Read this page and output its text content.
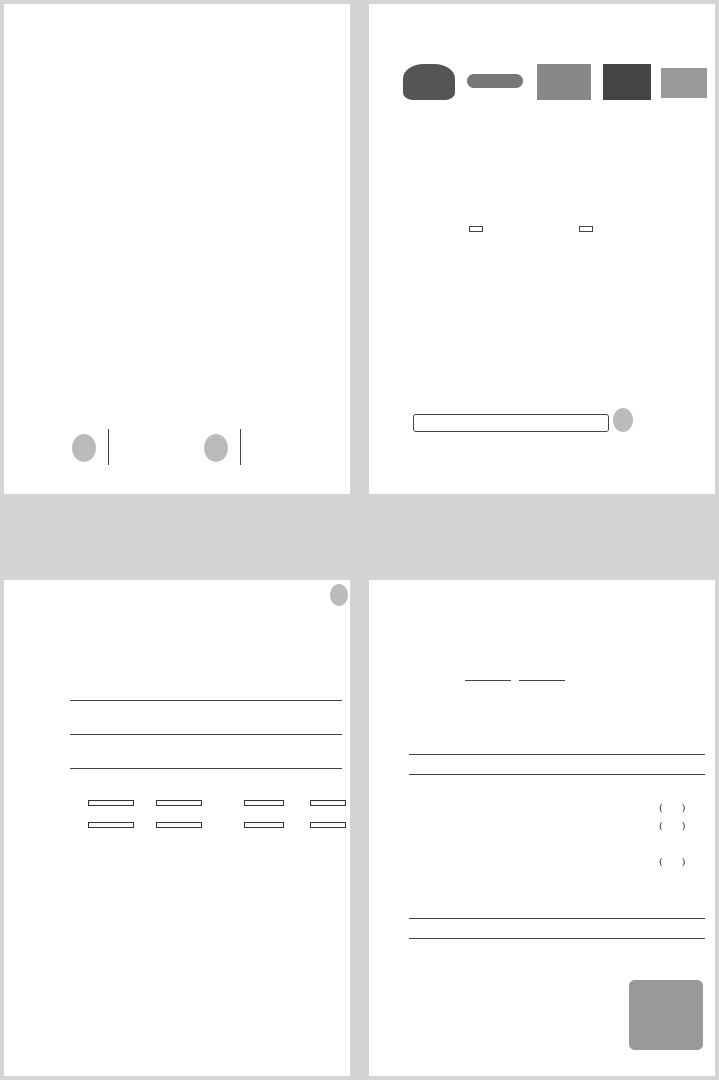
(　　)
(　　)
(　　)
